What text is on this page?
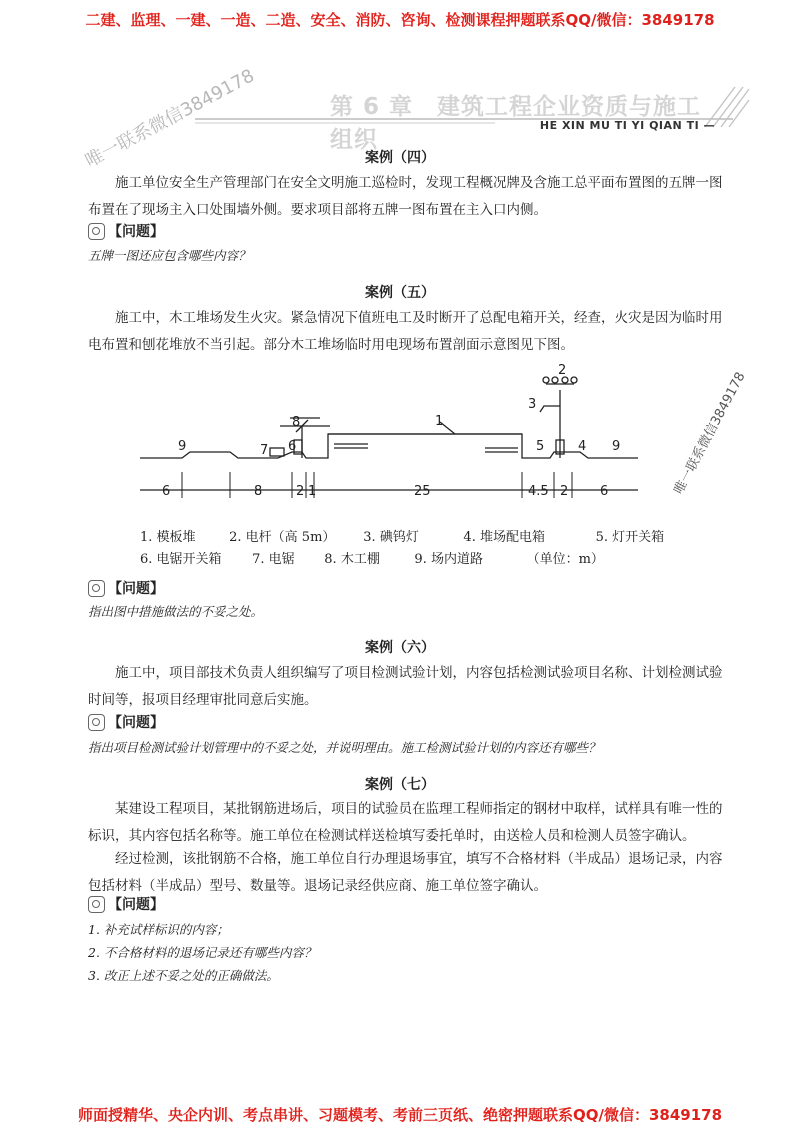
二建、监理、一建、一造、二造、安全、消防、咨询、检测课程押题联系QQ/微信：3849178
第 6 章　建筑工程企业资质与施工组织
HE XIN MU TI YI QIAN TI —
唯一联系微信3849178	案例（四）
施工单位安全生产管理部门在安全文明施工巡检时，发现工程概况牌及含施工总平面布置图的五牌一图布置在了现场主入口处围墙外侧。要求项目部将五牌一图布置在主入口内侧。
【问题】
五牌一图还应包含哪些内容？
案例（五）
施工中，木工堆场发生火灾。紧急情况下值班电工及时断开了总配电箱开关，经查，火灾是因为临时用电布置和刨花堆放不当引起。部分木工堆场临时用电现场布置剖面示意图见下图。
6	8	2 1	25	4.5 2 6
1
2
3
4
5
6
7
8
9	9	唯一联系微信3849178
1. 模板堆	2. 电杆（高 5m） 3. 碘钨灯	4. 堆场配电箱	5. 灯开关箱
6. 电锯开关箱 7. 电锯 8. 木工棚	9. 场内道路	（单位：m）
【问题】
指出图中措施做法的不妥之处。
案例（六）
施工中，项目部技术负责人组织编写了项目检测试验计划，内容包括检测试验项目名称、计划检测试验时间等，报项目经理审批同意后实施。
【问题】
指出项目检测试验计划管理中的不妥之处，并说明理由。施工检测试验计划的内容还有哪些？
案例（七）
某建设工程项目，某批钢筋进场后，项目的试验员在监理工程师指定的钢材中取样，试样具有唯一性的标识，其内容包括名称等。施工单位在检测试样送检填写委托单时，由送检人员和检测人员签字确认。
经过检测，该批钢筋不合格，施工单位自行办理退场事宜，填写不合格材料（半成品）退场记录，内容包括材料（半成品）型号、数量等。退场记录经供应商、施工单位签字确认。
【问题】
1. 补充试样标识的内容；
2. 不合格材料的退场记录还有哪些内容？
3. 改正上述不妥之处的正确做法。
师面授精华、央企内训、考点串讲、习题模考、考前三页纸、绝密押题联系QQ/微信：3849178
